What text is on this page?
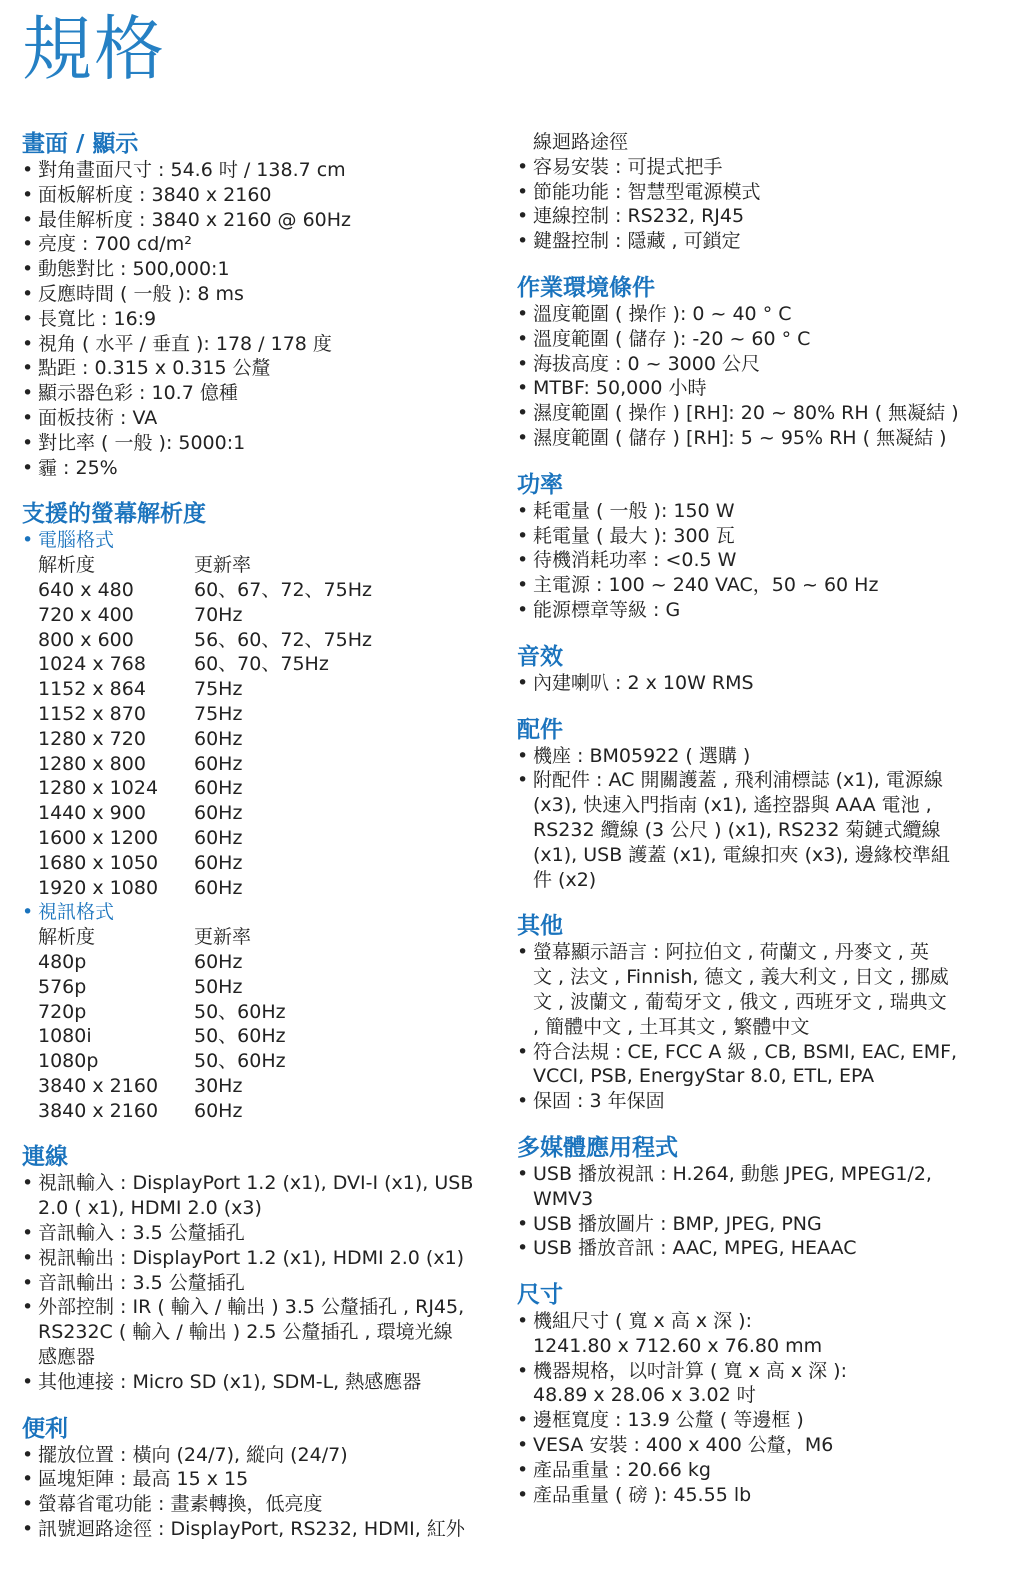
規格
畫面 / 顯示
• 對角畫面尺寸 : 54.6 吋 / 138.7 cm
• 面板解析度 : 3840 x 2160
• 最佳解析度 : 3840 x 2160 @ 60Hz
• 亮度 : 700 cd/m²
• 動態對比 : 500,000:1
• 反應時間 ( 一般 ): 8 ms
• 長寬比 : 16:9
• 視角 ( 水平 / 垂直 ): 178 / 178 度
• 點距 : 0.315 x 0.315 公釐
• 顯示器色彩 : 10.7 億種
• 面板技術 : VA
• 對比率 ( 一般 ): 5000:1
• 霾 : 25%
支援的螢幕解析度
• 電腦格式
解析度	更新率
640 x 480	60、67、72、75Hz
720 x 400	70Hz
800 x 600	56、60、72、75Hz
1024 x 768	60、70、75Hz
1152 x 864	75Hz
1152 x 870	75Hz
1280 x 720	60Hz
1280 x 800	60Hz
1280 x 1024	60Hz
1440 x 900	60Hz
1600 x 1200	60Hz
1680 x 1050	60Hz
1920 x 1080	60Hz
• 視訊格式
解析度	更新率
480p	60Hz
576p	50Hz
720p	50、60Hz
1080i	50、60Hz
1080p	50、60Hz
3840 x 2160	30Hz
3840 x 2160	60Hz
連線
• 視訊輸入 : DisplayPort 1.2 (x1), DVI-I (x1), USB
2.0 ( x1), HDMI 2.0 (x3)
• 音訊輸入 : 3.5 公釐插孔
• 視訊輸出 : DisplayPort 1.2 (x1), HDMI 2.0 (x1)
• 音訊輸出 : 3.5 公釐插孔
• 外部控制 : IR ( 輸入 / 輸出 ) 3.5 公釐插孔 , RJ45,
RS232C ( 輸入 / 輸出 ) 2.5 公釐插孔 , 環境光線
感應器
• 其他連接 : Micro SD (x1), SDM-L, 熱感應器
便利
• 擺放位置 : 橫向 (24/7), 縱向 (24/7)
• 區塊矩陣 : 最高 15 x 15
• 螢幕省電功能 : 畫素轉換，低亮度
• 訊號迴路途徑 : DisplayPort, RS232, HDMI, 紅外
線迴路途徑
• 容易安裝 : 可提式把手
• 節能功能 : 智慧型電源模式
• 連線控制 : RS232, RJ45
• 鍵盤控制 : 隱藏 , 可鎖定
作業環境條件
• 溫度範圍 ( 操作 ): 0 ~ 40 ° C
• 溫度範圍 ( 儲存 ): -20 ~ 60 ° C
• 海拔高度 : 0 ~ 3000 公尺
• MTBF: 50,000 小時
• 濕度範圍 ( 操作 ) [RH]: 20 ~ 80% RH ( 無凝結 )
• 濕度範圍 ( 儲存 ) [RH]: 5 ~ 95% RH ( 無凝結 )
功率
• 耗電量 ( 一般 ): 150 W
• 耗電量 ( 最大 ): 300 瓦
• 待機消耗功率 : <0.5 W
• 主電源 : 100 ~ 240 VAC，50 ~ 60 Hz
• 能源標章等級 : G
音效
• 內建喇叭 : 2 x 10W RMS
配件
• 機座 : BM05922 ( 選購 )
• 附配件 : AC 開關護蓋 , 飛利浦標誌 (x1), 電源線
(x3), 快速入門指南 (x1), 遙控器與 AAA 電池 ,
RS232 纜線 (3 公尺 ) (x1), RS232 菊鏈式纜線
(x1), USB 護蓋 (x1), 電線扣夾 (x3), 邊緣校準組
件 (x2)
其他
• 螢幕顯示語言 : 阿拉伯文 , 荷蘭文 , 丹麥文 , 英
文 , 法文 , Finnish, 德文 , 義大利文 , 日文 , 挪威
文 , 波蘭文 , 葡萄牙文 , 俄文 , 西班牙文 , 瑞典文
, 簡體中文 , 土耳其文 , 繁體中文
• 符合法規 : CE, FCC A 級 , CB, BSMI, EAC, EMF,
VCCI, PSB, EnergyStar 8.0, ETL, EPA
• 保固 : 3 年保固
多媒體應用程式
• USB 播放視訊 : H.264, 動態 JPEG, MPEG1/2,
WMV3
• USB 播放圖片 : BMP, JPEG, PNG
• USB 播放音訊 : AAC, MPEG, HEAAC
尺寸
• 機組尺寸 ( 寬 x 高 x 深 ):
1241.80 x 712.60 x 76.80 mm
• 機器規格，以吋計算 ( 寬 x 高 x 深 ):
48.89 x 28.06 x 3.02 吋
• 邊框寬度 : 13.9 公釐 ( 等邊框 )
• VESA 安裝 : 400 x 400 公釐，M6
• 產品重量 : 20.66 kg
• 產品重量 ( 磅 ): 45.55 lb
